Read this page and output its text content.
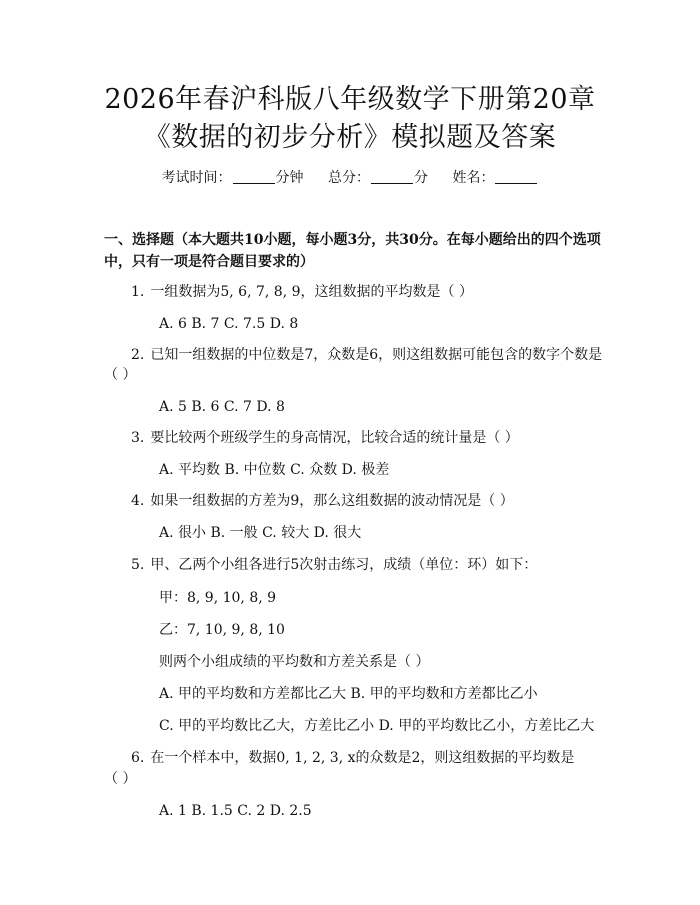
2026年春沪科版八年级数学下册第20章
《数据的初步分析》模拟题及答案
考试时间：	分钟 总分：	分 姓名：
一、选择题（本大题共10小题，每小题3分，共30分。在每小题给出的四个选项中，只有一项是符合题目要求的）
1. 一组数据为5, 6, 7, 8, 9，这组数据的平均数是（ ）
A. 6 B. 7 C. 7.5 D. 8
2. 已知一组数据的中位数是7，众数是6，则这组数据可能包含的数字个数是
（ ）
A. 5 B. 6 C. 7 D. 8
3. 要比较两个班级学生的身高情况，比较合适的统计量是（ ）
A. 平均数 B. 中位数 C. 众数 D. 极差
4. 如果一组数据的方差为9，那么这组数据的波动情况是（ ）
A. 很小 B. 一般 C. 较大 D. 很大
5. 甲、乙两个小组各进行5次射击练习，成绩（单位：环）如下：
甲：8, 9, 10, 8, 9
乙：7, 10, 9, 8, 10
则两个小组成绩的平均数和方差关系是（ ）
A. 甲的平均数和方差都比乙大 B. 甲的平均数和方差都比乙小
C. 甲的平均数比乙大，方差比乙小 D. 甲的平均数比乙小，方差比乙大
6. 在一个样本中，数据0, 1, 2, 3, x的众数是2，则这组数据的平均数是
（ ）
A. 1 B. 1.5 C. 2 D. 2.5
